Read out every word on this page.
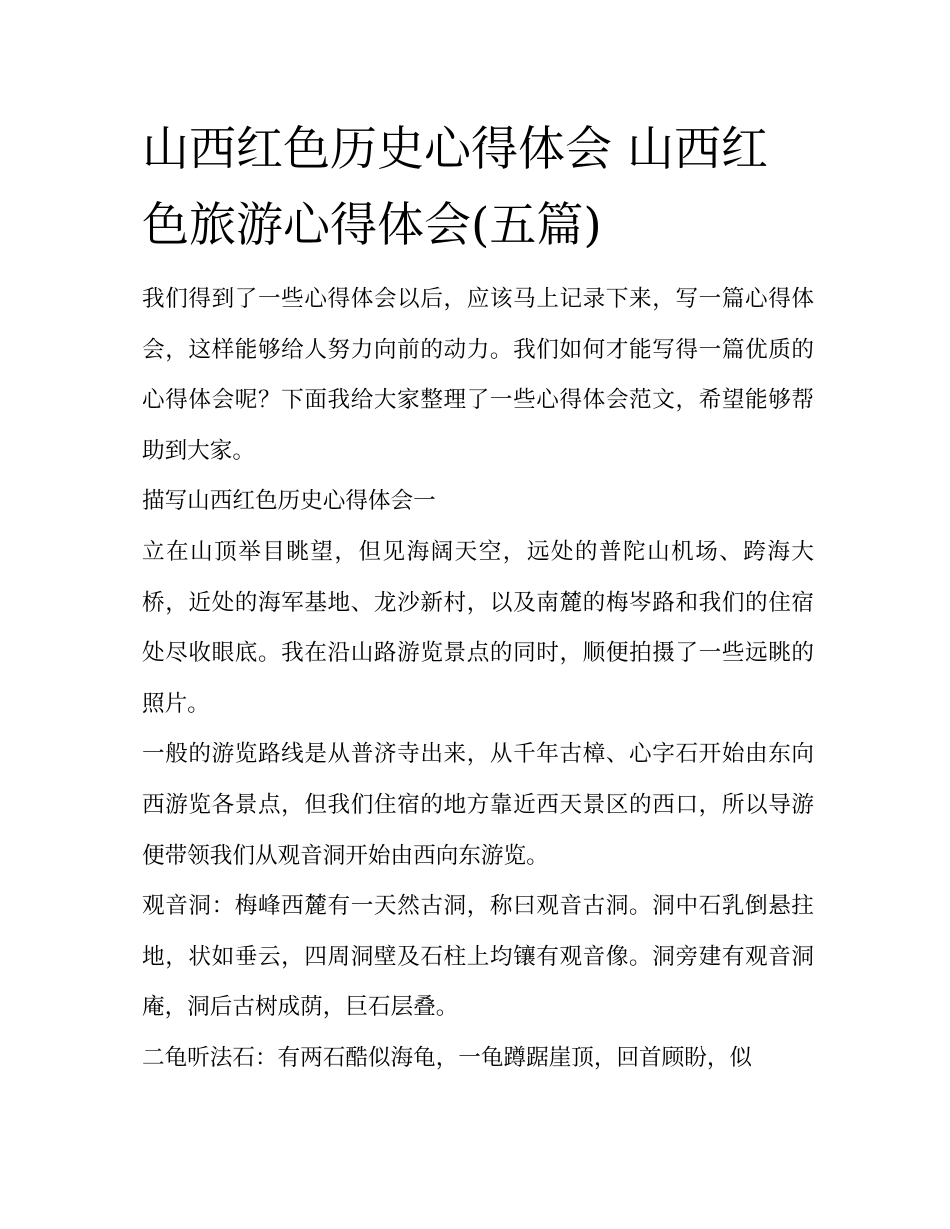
山西红色历史心得体会 山西红色旅游心得体会(五篇)

我们得到了一些心得体会以后，应该马上记录下来，写一篇心得体会，这样能够给人努力向前的动力。我们如何才能写得一篇优质的心得体会呢？下面我给大家整理了一些心得体会范文，希望能够帮助到大家。

描写山西红色历史心得体会一

立在山顶举目眺望，但见海阔天空，远处的普陀山机场、跨海大桥，近处的海军基地、龙沙新村，以及南麓的梅岑路和我们的住宿处尽收眼底。我在沿山路游览景点的同时，顺便拍摄了一些远眺的照片。

一般的游览路线是从普济寺出来，从千年古樟、心字石开始由东向西游览各景点，但我们住宿的地方靠近西天景区的西口，所以导游便带领我们从观音洞开始由西向东游览。

观音洞：梅峰西麓有一天然古洞，称曰观音古洞。洞中石乳倒悬拄地，状如垂云，四周洞壁及石柱上均镶有观音像。洞旁建有观音洞庵，洞后古树成荫，巨石层叠。

二龟听法石：有两石酷似海龟，一龟蹲踞崖顶，回首顾盼，似
